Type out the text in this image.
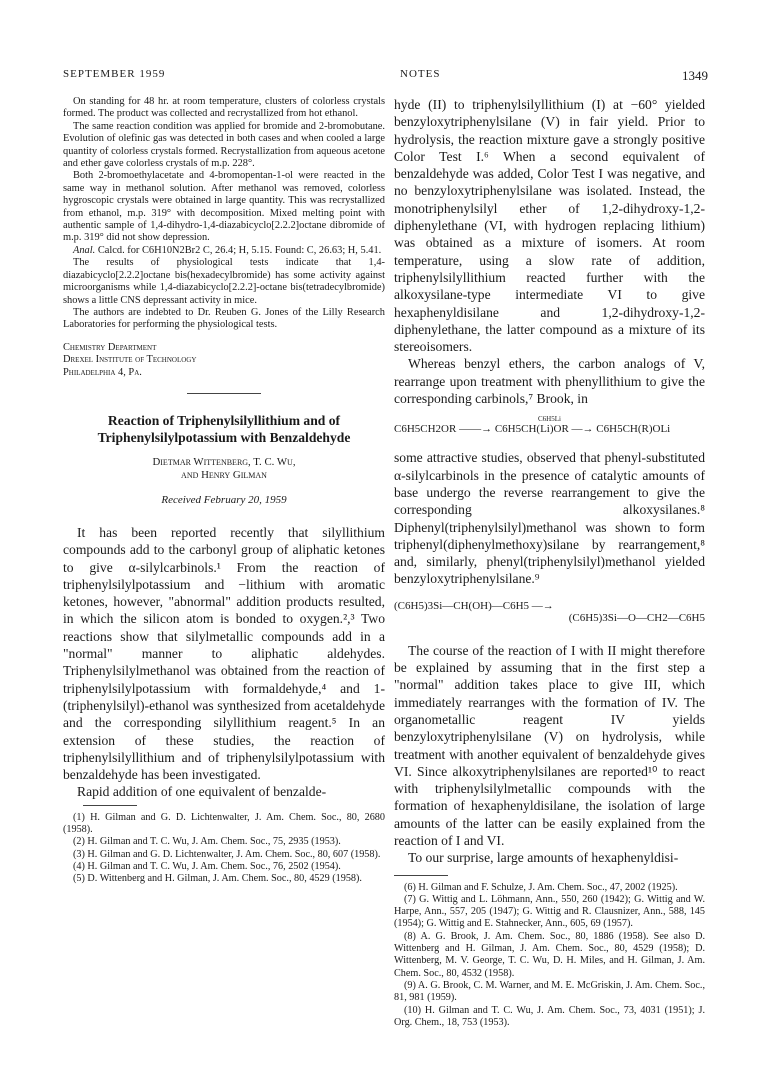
SEPTEMBER 1959	NOTES	1349

On standing for 48 hr. at room temperature, clusters of colorless crystals formed. The product was collected and recrystallized from hot ethanol.

The same reaction condition was applied for bromide and 2-bromobutane. Evolution of olefinic gas was detected in both cases and when cooled a large quantity of colorless crystals formed. Recrystallization from aqueous acetone and ether gave colorless crystals of m.p. 228°.

Both 2-bromoethylacetate and 4-bromopentan-1-ol were reacted in the same way in methanol solution. After methanol was removed, colorless hygroscopic crystals were obtained in large quantity. This was recrystallized from ethanol, m.p. 319° with decomposition. Mixed melting point with authentic sample of 1,4-dihydro-1,4-diazabicyclo[2.2.2]octane dibromide of m.p. 319° did not show depression.

Anal. Calcd. for C6H10N2Br2 C, 26.4; H, 5.15. Found: C, 26.63; H, 5.41.

The results of physiological tests indicate that 1,4-diazabicyclo[2.2.2]octane bis(hexadecylbromide) has some activity against microorganisms while 1,4-diazabicyclo[2.2.2]-octane bis(tetradecylbromide) shows a little CNS depressant activity in mice.

The authors are indebted to Dr. Reuben G. Jones of the Lilly Research Laboratories for performing the physiological tests.

Chemistry Department
Drexel Institute of Technology
Philadelphia 4, Pa.
Reaction of Triphenylsilyllithium and of Triphenylsilylpotassium with Benzaldehyde
Dietmar Wittenberg, T. C. Wu,
and Henry Gilman
Received February 20, 1959

It has been reported recently that silyllithium compounds add to the carbonyl group of aliphatic ketones to give α-silylcarbinols.¹ From the reaction of triphenylsilylpotassium and −lithium with aromatic ketones, however, "abnormal" addition products resulted, in which the silicon atom is bonded to oxygen.²,³ Two reactions show that silylmetallic compounds add in a "normal" manner to aliphatic aldehydes. Triphenylsilylmethanol was obtained from the reaction of triphenylsilylpotassium with formaldehyde,⁴ and 1-(triphenylsilyl)-ethanol was synthesized from acetaldehyde and the corresponding silyllithium reagent.⁵ In an extension of these studies, the reaction of triphenylsilyllithium and of triphenylsilylpotassium with benzaldehyde has been investigated.

Rapid addition of one equivalent of benzalde-

(1) H. Gilman and G. D. Lichtenwalter, J. Am. Chem. Soc., 80, 2680 (1958).

(2) H. Gilman and T. C. Wu, J. Am. Chem. Soc., 75, 2935 (1953).

(3) H. Gilman and G. D. Lichtenwalter, J. Am. Chem. Soc., 80, 607 (1958).

(4) H. Gilman and T. C. Wu, J. Am. Chem. Soc., 76, 2502 (1954).

(5) D. Wittenberg and H. Gilman, J. Am. Chem. Soc., 80, 4529 (1958).

hyde (II) to triphenylsilyllithium (I) at −60° yielded benzyloxytriphenylsilane (V) in fair yield. Prior to hydrolysis, the reaction mixture gave a strongly positive Color Test I.⁶ When a second equivalent of benzaldehyde was added, Color Test I was negative, and no benzyloxytriphenylsilane was isolated. Instead, the monotriphenylsilyl ether of 1,2-dihydroxy-1,2-diphenylethane (VI, with hydrogen replacing lithium) was obtained as a mixture of isomers. At room temperature, using a slow rate of addition, triphenylsilyllithium reacted further with the alkoxysilane-type intermediate VI to give hexaphenyldisilane and 1,2-dihydroxy-1,2-diphenylethane, the latter compound as a mixture of its stereoisomers.

Whereas benzyl ethers, the carbon analogs of V, rearrange upon treatment with phenyllithium to give the corresponding carbinols,⁷ Brook, in

C6H5Li
C6H5CH2OR ——→ C6H5CH(Li)OR —→ C6H5CH(R)OLi

some attractive studies, observed that phenyl-substituted α-silylcarbinols in the presence of catalytic amounts of base undergo the reverse rearrangement to give the corresponding alkoxysilanes.⁸ Diphenyl(triphenylsilyl)methanol was shown to form triphenyl(diphenylmethoxy)silane by rearrangement,⁸ and, similarly, phenyl(triphenylsilyl)methanol yielded benzyloxytriphenylsilane.⁹

(C6H5)3Si—CH(OH)—C6H5 —→
(C6H5)3Si—O—CH2—C6H5

The course of the reaction of I with II might therefore be explained by assuming that in the first step a "normal" addition takes place to give III, which immediately rearranges with the formation of IV. The organometallic reagent IV yields benzyloxytriphenylsilane (V) on hydrolysis, while treatment with another equivalent of benzaldehyde gives VI. Since alkoxytriphenylsilanes are reported¹⁰ to react with triphenylsilylmetallic compounds with the formation of hexaphenyldisilane, the isolation of large amounts of the latter can be easily explained from the reaction of I and VI.

To our surprise, large amounts of hexaphenyldisi-

(6) H. Gilman and F. Schulze, J. Am. Chem. Soc., 47, 2002 (1925).

(7) G. Wittig and L. Löhmann, Ann., 550, 260 (1942); G. Wittig and W. Harpe, Ann., 557, 205 (1947); G. Wittig and R. Clausnizer, Ann., 588, 145 (1954); G. Wittig and E. Stahnecker, Ann., 605, 69 (1957).

(8) A. G. Brook, J. Am. Chem. Soc., 80, 1886 (1958). See also D. Wittenberg and H. Gilman, J. Am. Chem. Soc., 80, 4529 (1958); D. Wittenberg, M. V. George, T. C. Wu, D. H. Miles, and H. Gilman, J. Am. Chem. Soc., 80, 4532 (1958).

(9) A. G. Brook, C. M. Warner, and M. E. McGriskin, J. Am. Chem. Soc., 81, 981 (1959).

(10) H. Gilman and T. C. Wu, J. Am. Chem. Soc., 73, 4031 (1951); J. Org. Chem., 18, 753 (1953).
